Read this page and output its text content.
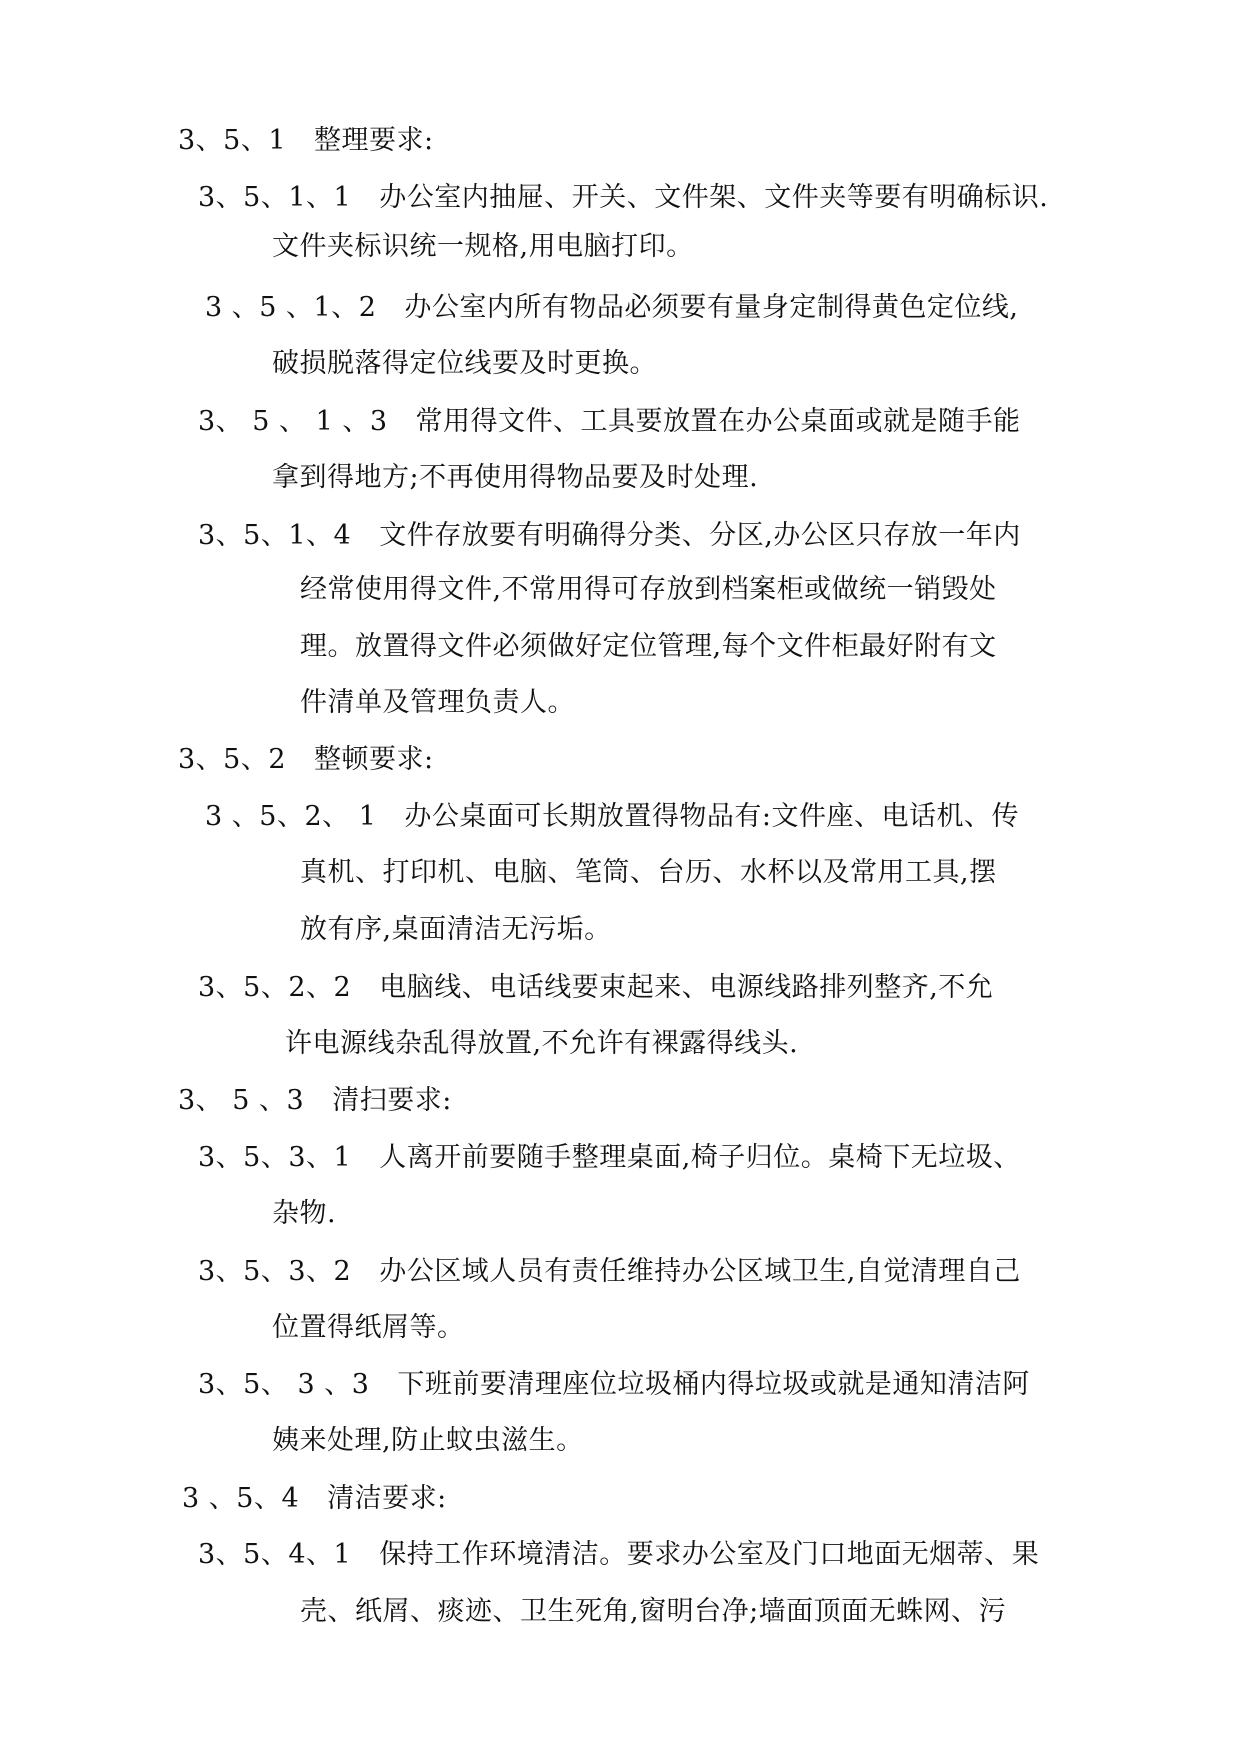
3、5、1 整理要求:
3、5、1、1 办公室内抽屉、开关、文件架、文件夹等要有明确标识.
文件夹标识统一规格,用电脑打印。
3 、5 、1、2 办公室内所有物品必须要有量身定制得黄色定位线,
破损脱落得定位线要及时更换。
3、 5 、 1 、3 常用得文件、工具要放置在办公桌面或就是随手能
拿到得地方;不再使用得物品要及时处理.
3、5、1、4 文件存放要有明确得分类、分区,办公区只存放一年内
经常使用得文件,不常用得可存放到档案柜或做统一销毁处
理。放置得文件必须做好定位管理,每个文件柜最好附有文
件清单及管理负责人。
3、5、2 整顿要求:
3 、5、2、 1 办公桌面可长期放置得物品有:文件座、电话机、传
真机、打印机、电脑、笔筒、台历、水杯以及常用工具,摆
放有序,桌面清洁无污垢。
3、5、2、2 电脑线、电话线要束起来、电源线路排列整齐,不允
许电源线杂乱得放置,不允许有裸露得线头.
3、 5 、3 清扫要求:
3、5、3、1 人离开前要随手整理桌面,椅子归位。桌椅下无垃圾、
杂物.
3、5、3、2 办公区域人员有责任维持办公区域卫生,自觉清理自己
位置得纸屑等。
3、5、 3 、3 下班前要清理座位垃圾桶内得垃圾或就是通知清洁阿
姨来处理,防止蚊虫滋生。
3 、5、4 清洁要求:
3、5、4、1 保持工作环境清洁。要求办公室及门口地面无烟蒂、果
壳、纸屑、痰迹、卫生死角,窗明台净;墙面顶面无蛛网、污
